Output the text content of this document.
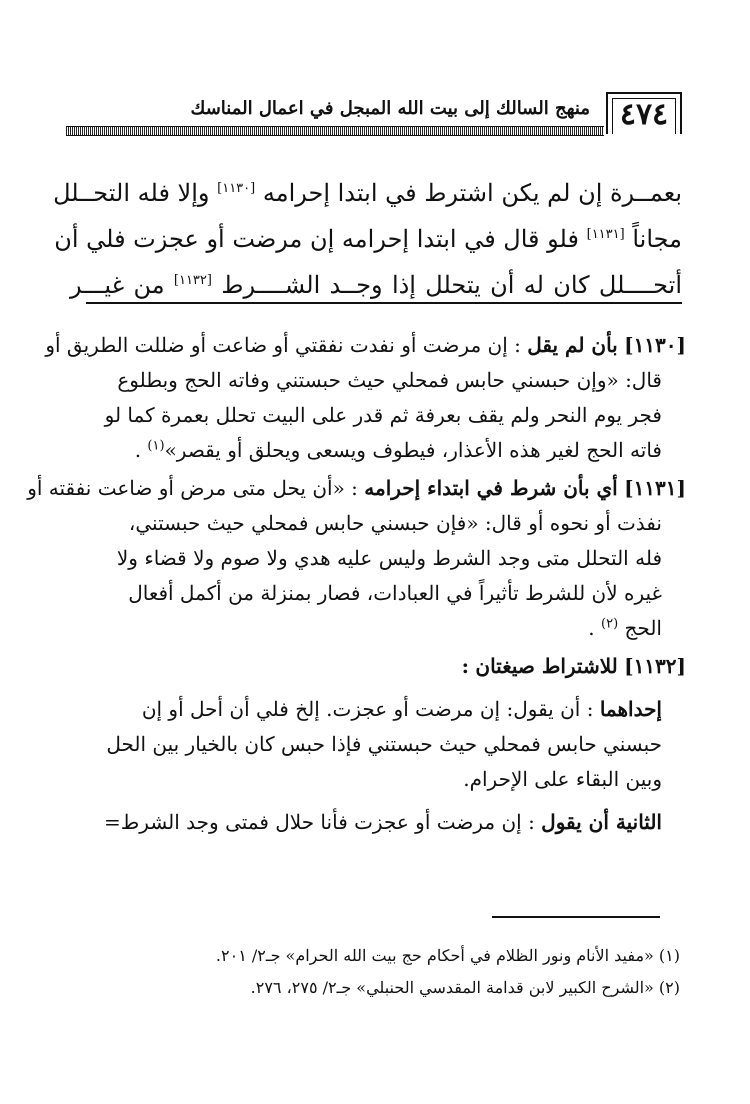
٤٧٤
منهج السالك إلى بيت الله المبجل في اعمال المناسك
بعمــرة إن لم يكن اشترط في ابتدا إحرامه [١١٣٠] وإلا فله التحــلل
مجاناً [١١٣١] فلو قال في ابتدا إحرامه إن مرضت أو عجزت فلي أن
أتحــــلل كان له أن يتحلل إذا وجــد الشــــرط [١١٣٢] من غيـــر
[١١٣٠] بأن لم يقل : إن مرضت أو نفدت نفقتي أو ضاعت أو ضللت الطريق أو
قال: «وإن حبسني حابس فمحلي حيث حبستني وفاته الحج وبطلوع
فجر يوم النحر ولم يقف بعرفة ثم قدر على البيت تحلل بعمرة كما لو
فاته الحج لغير هذه الأعذار، فيطوف ويسعى ويحلق أو يقصر»$^{(١)}$ .
[١١٣١] أي بأن شرط في ابتداء إحرامه : «أن يحل متى مرض أو ضاعت نفقته أو
نفذت أو نحوه أو قال: «فإن حبسني حابس فمحلي حيث حبستني،
فله التحلل متى وجد الشرط وليس عليه هدي ولا صوم ولا قضاء ولا
غيره لأن للشرط تأثيراً في العبادات، فصار بمنزلة من أكمل أفعال
الحج $^{(٢)}$ .
[١١٣٢] للاشتراط صيغتان :
إحداهما : أن يقول: إن مرضت أو عجزت. إلخ فلي أن أحل أو إن
حبسني حابس فمحلي حيث حبستني فإذا حبس كان بالخيار بين الحل
وبين البقاء على الإحرام.
الثانية أن يقول : إن مرضت أو عجزت فأنا حلال فمتى وجد الشرط=
(١) «مفيد الأنام ونور الظلام في أحكام حج بيت الله الحرام» جـ٢/ ٢٠١.
(٢) «الشرح الكبير لابن قدامة المقدسي الحنبلي» جـ٢/ ٢٧٥، ٢٧٦.
